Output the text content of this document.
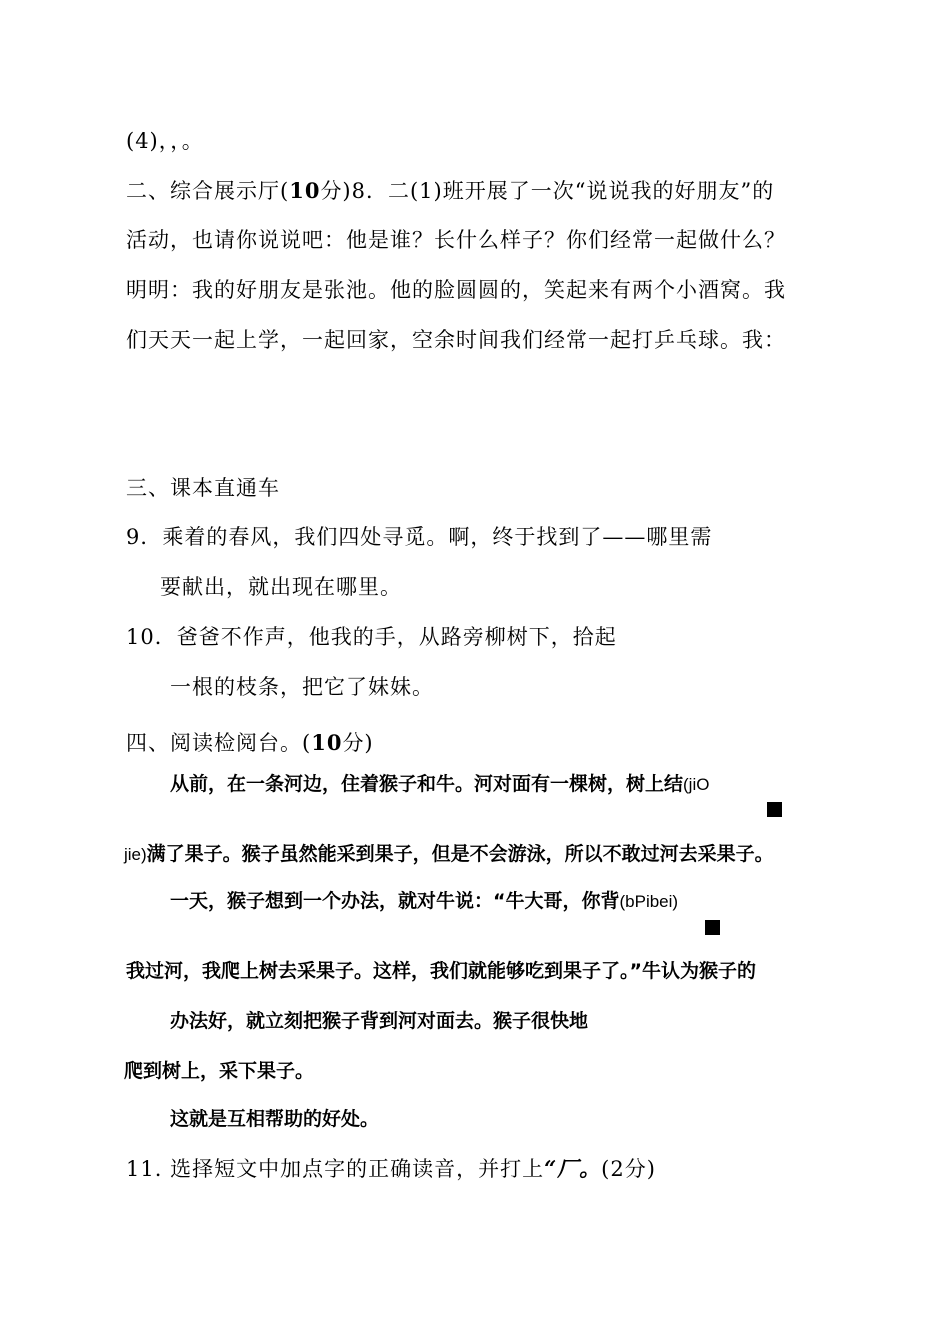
(4)，，。
二、综合展示厅(10分)8．二(1)班开展了一次“说说我的好朋友”的
活动，也请你说说吧：他是谁？长什么样子？你们经常一起做什么？
明明：我的好朋友是张池。他的脸圆圆的，笑起来有两个小酒窝。我
们天天一起上学，一起回家，空余时间我们经常一起打乒乓球。我：
三、课本直通车
9．乘着的春风，我们四处寻觅。啊，终于找到了——哪里需
要献出，就出现在哪里。
10．爸爸不作声，他我的手，从路旁柳树下，拾起
一根的枝条，把它了妹妹。
四、阅读检阅台。(10分)
从前，在一条河边，住着猴子和牛。河对面有一棵树，树上结(jiO
jie)满了果子。猴子虽然能采到果子，但是不会游泳，所以不敢过河去采果子。
一天，猴子想到一个办法，就对牛说：“牛大哥，你背(bPibei)
我过河，我爬上树去采果子。这样，我们就能够吃到果子了。”牛认为猴子的
办法好，就立刻把猴子背到河对面去。猴子很快地
爬到树上，采下果子。
这就是互相帮助的好处。
11. 选择短文中加点字的正确读音，并打上“厂。(2分)
